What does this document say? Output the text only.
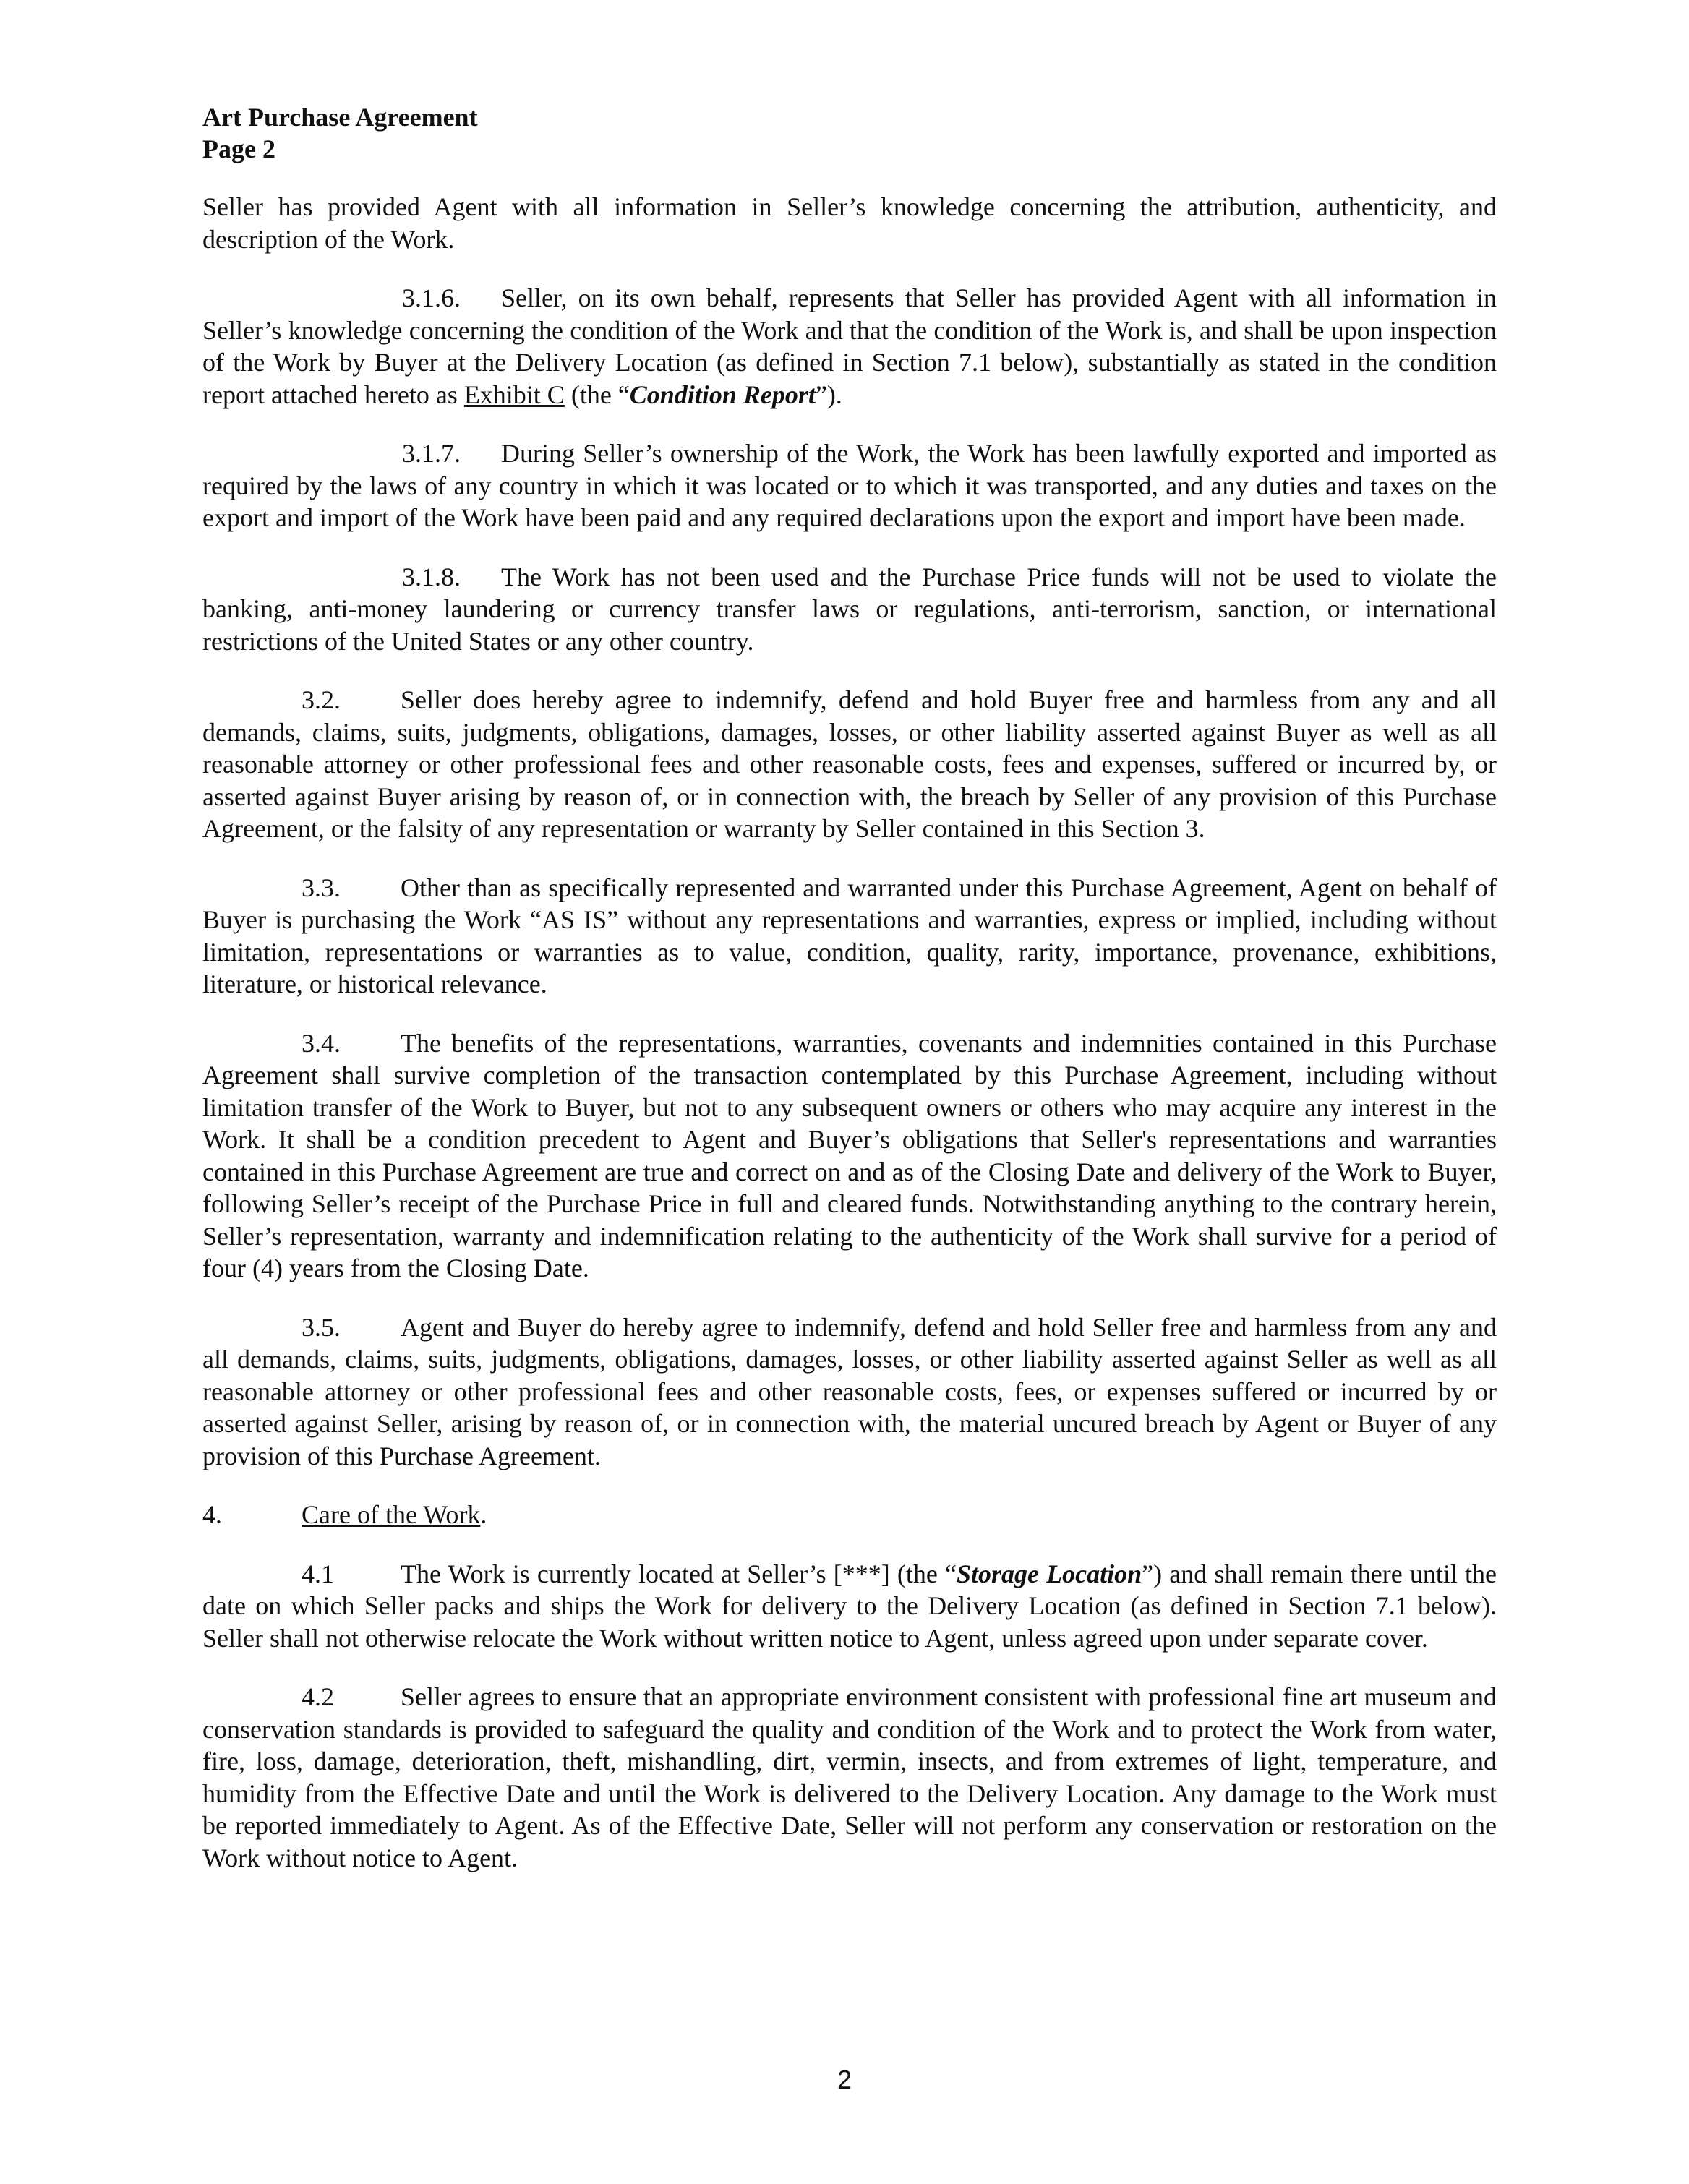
Art Purchase Agreement
Page 2

Seller has provided Agent with all information in Seller’s knowledge concerning the attribution, authenticity, and description of the Work.

3.1.6. Seller, on its own behalf, represents that Seller has provided Agent with all information in Seller’s knowledge concerning the condition of the Work and that the condition of the Work is, and shall be upon inspection of the Work by Buyer at the Delivery Location (as defined in Section 7.1 below), substantially as stated in the condition report attached hereto as Exhibit C (the “Condition Report”).

3.1.7. During Seller’s ownership of the Work, the Work has been lawfully exported and imported as required by the laws of any country in which it was located or to which it was transported, and any duties and taxes on the export and import of the Work have been paid and any required declarations upon the export and import have been made.

3.1.8. The Work has not been used and the Purchase Price funds will not be used to violate the banking, anti-money laundering or currency transfer laws or regulations, anti-terrorism, sanction, or international restrictions of the United States or any other country.

3.2. Seller does hereby agree to indemnify, defend and hold Buyer free and harmless from any and all demands, claims, suits, judgments, obligations, damages, losses, or other liability asserted against Buyer as well as all reasonable attorney or other professional fees and other reasonable costs, fees and expenses, suffered or incurred by, or asserted against Buyer arising by reason of, or in connection with, the breach by Seller of any provision of this Purchase Agreement, or the falsity of any representation or warranty by Seller contained in this Section 3.

3.3. Other than as specifically represented and warranted under this Purchase Agreement, Agent on behalf of Buyer is purchasing the Work “AS IS” without any representations and warranties, express or implied, including without limitation, representations or warranties as to value, condition, quality, rarity, importance, provenance, exhibitions, literature, or historical relevance.

3.4. The benefits of the representations, warranties, covenants and indemnities contained in this Purchase Agreement shall survive completion of the transaction contemplated by this Purchase Agreement, including without limitation transfer of the Work to Buyer, but not to any subsequent owners or others who may acquire any interest in the Work. It shall be a condition precedent to Agent and Buyer’s obligations that Seller's representations and warranties contained in this Purchase Agreement are true and correct on and as of the Closing Date and delivery of the Work to Buyer, following Seller’s receipt of the Purchase Price in full and cleared funds. Notwithstanding anything to the contrary herein, Seller’s representation, warranty and indemnification relating to the authenticity of the Work shall survive for a period of four (4) years from the Closing Date.

3.5. Agent and Buyer do hereby agree to indemnify, defend and hold Seller free and harmless from any and all demands, claims, suits, judgments, obligations, damages, losses, or other liability asserted against Seller as well as all reasonable attorney or other professional fees and other reasonable costs, fees, or expenses suffered or incurred by or asserted against Seller, arising by reason of, or in connection with, the material uncured breach by Agent or Buyer of any provision of this Purchase Agreement.

4.	Care of the Work.

4.1	The Work is currently located at Seller’s [***] (the “Storage Location”) and shall remain there until the date on which Seller packs and ships the Work for delivery to the Delivery Location (as defined in Section 7.1 below). Seller shall not otherwise relocate the Work without written notice to Agent, unless agreed upon under separate cover.

4.2	Seller agrees to ensure that an appropriate environment consistent with professional fine art museum and conservation standards is provided to safeguard the quality and condition of the Work and to protect the Work from water, fire, loss, damage, deterioration, theft, mishandling, dirt, vermin, insects, and from extremes of light, temperature, and humidity from the Effective Date and until the Work is delivered to the Delivery Location. Any damage to the Work must be reported immediately to Agent. As of the Effective Date, Seller will not perform any conservation or restoration on the Work without notice to Agent.

2
